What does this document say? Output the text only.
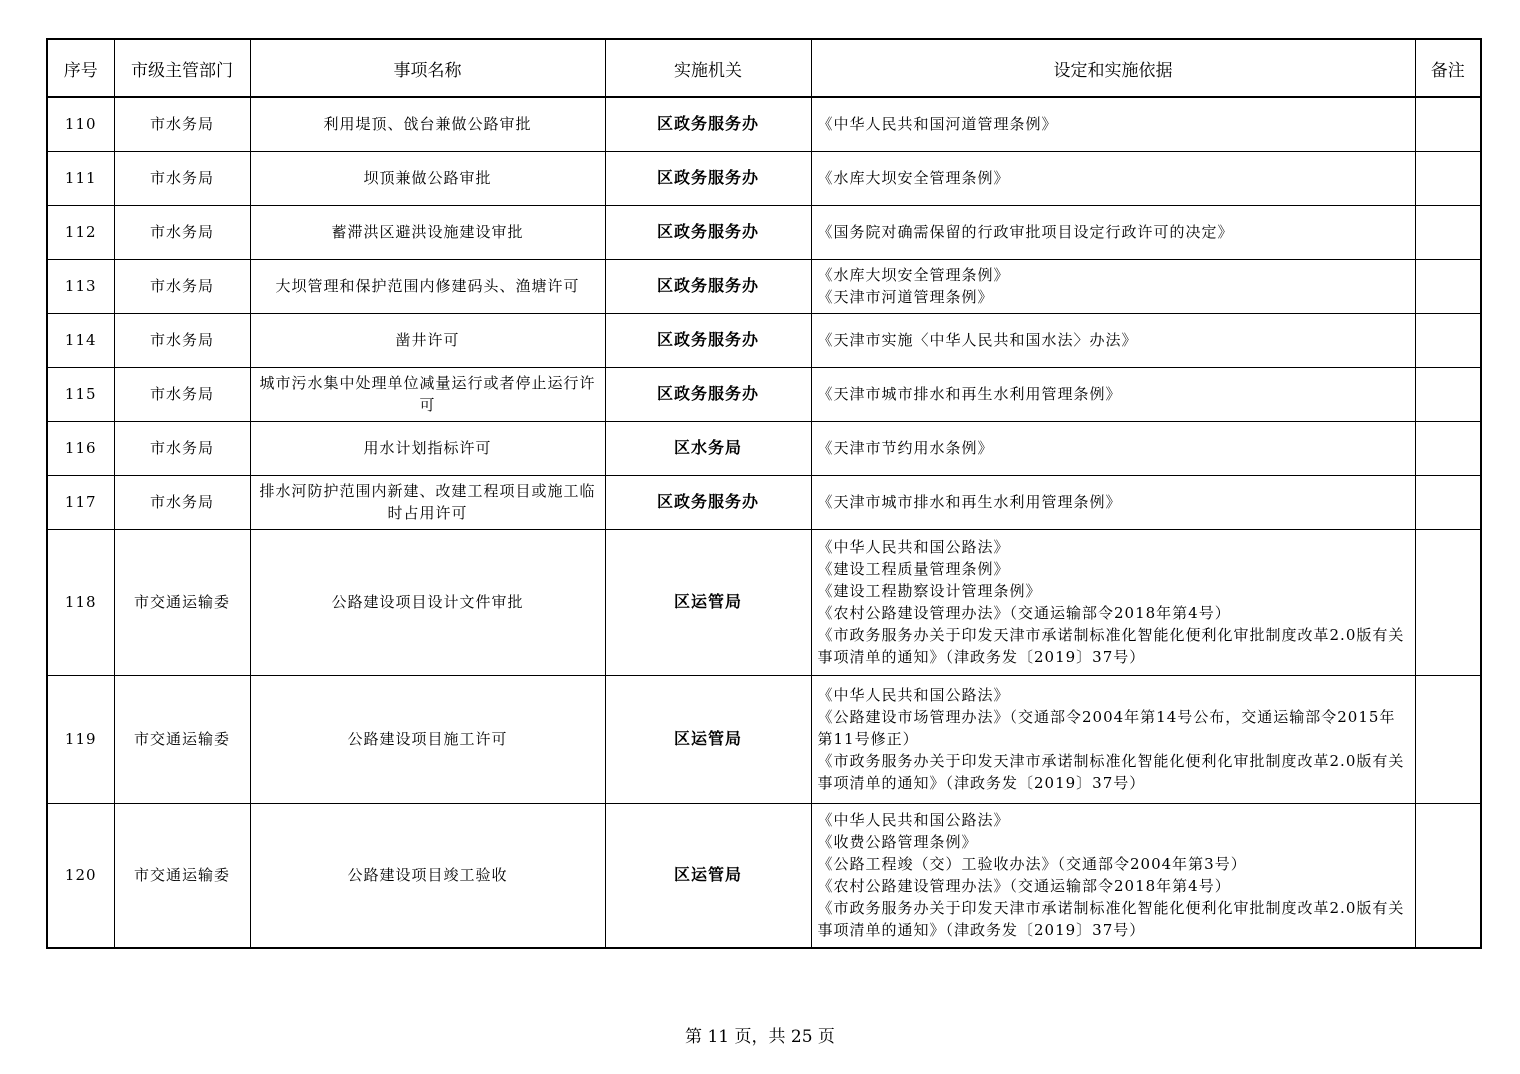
序号	市级主管部门	事项名称	实施机关	设定和实施依据	备注
110	市水务局	利用堤顶、戗台兼做公路审批	区政务服务办	《中华人民共和国河道管理条例》	

111	市水务局	坝顶兼做公路审批	区政务服务办	《水库大坝安全管理条例》	

112	市水务局	蓄滞洪区避洪设施建设审批	区政务服务办	《国务院对确需保留的行政审批项目设定行政许可的决定》	

113	市水务局	大坝管理和保护范围内修建码头、渔塘许可	区政务服务办	《水库大坝安全管理条例》
《天津市河道管理条例》	

114	市水务局	凿井许可	区政务服务办	《天津市实施〈中华人民共和国水法〉办法》	

115	市水务局	城市污水集中处理单位减量运行或者停止运行许可	区政务服务办	《天津市城市排水和再生水利用管理条例》	

116	市水务局	用水计划指标许可	区水务局	《天津市节约用水条例》	

117	市水务局	排水河防护范围内新建、改建工程项目或施工临时占用许可	区政务服务办	《天津市城市排水和再生水利用管理条例》	

118	市交通运输委	公路建设项目设计文件审批	区运管局	《中华人民共和国公路法》
《建设工程质量管理条例》
《建设工程勘察设计管理条例》
《农村公路建设管理办法》（交通运输部令2018年第4号）
《市政务服务办关于印发天津市承诺制标准化智能化便利化审批制度改革2.0版有关事项清单的通知》（津政务发〔2019〕37号）	

119	市交通运输委	公路建设项目施工许可	区运管局	《中华人民共和国公路法》
《公路建设市场管理办法》（交通部令2004年第14号公布，交通运输部令2015年第11号修正）
《市政务服务办关于印发天津市承诺制标准化智能化便利化审批制度改革2.0版有关事项清单的通知》（津政务发〔2019〕37号）	

120	市交通运输委	公路建设项目竣工验收	区运管局	《中华人民共和国公路法》
《收费公路管理条例》
《公路工程竣（交）工验收办法》（交通部令2004年第3号）
《农村公路建设管理办法》（交通运输部令2018年第4号）
《市政务服务办关于印发天津市承诺制标准化智能化便利化审批制度改革2.0版有关事项清单的通知》（津政务发〔2019〕37号）	

第 11 页，共 25 页
